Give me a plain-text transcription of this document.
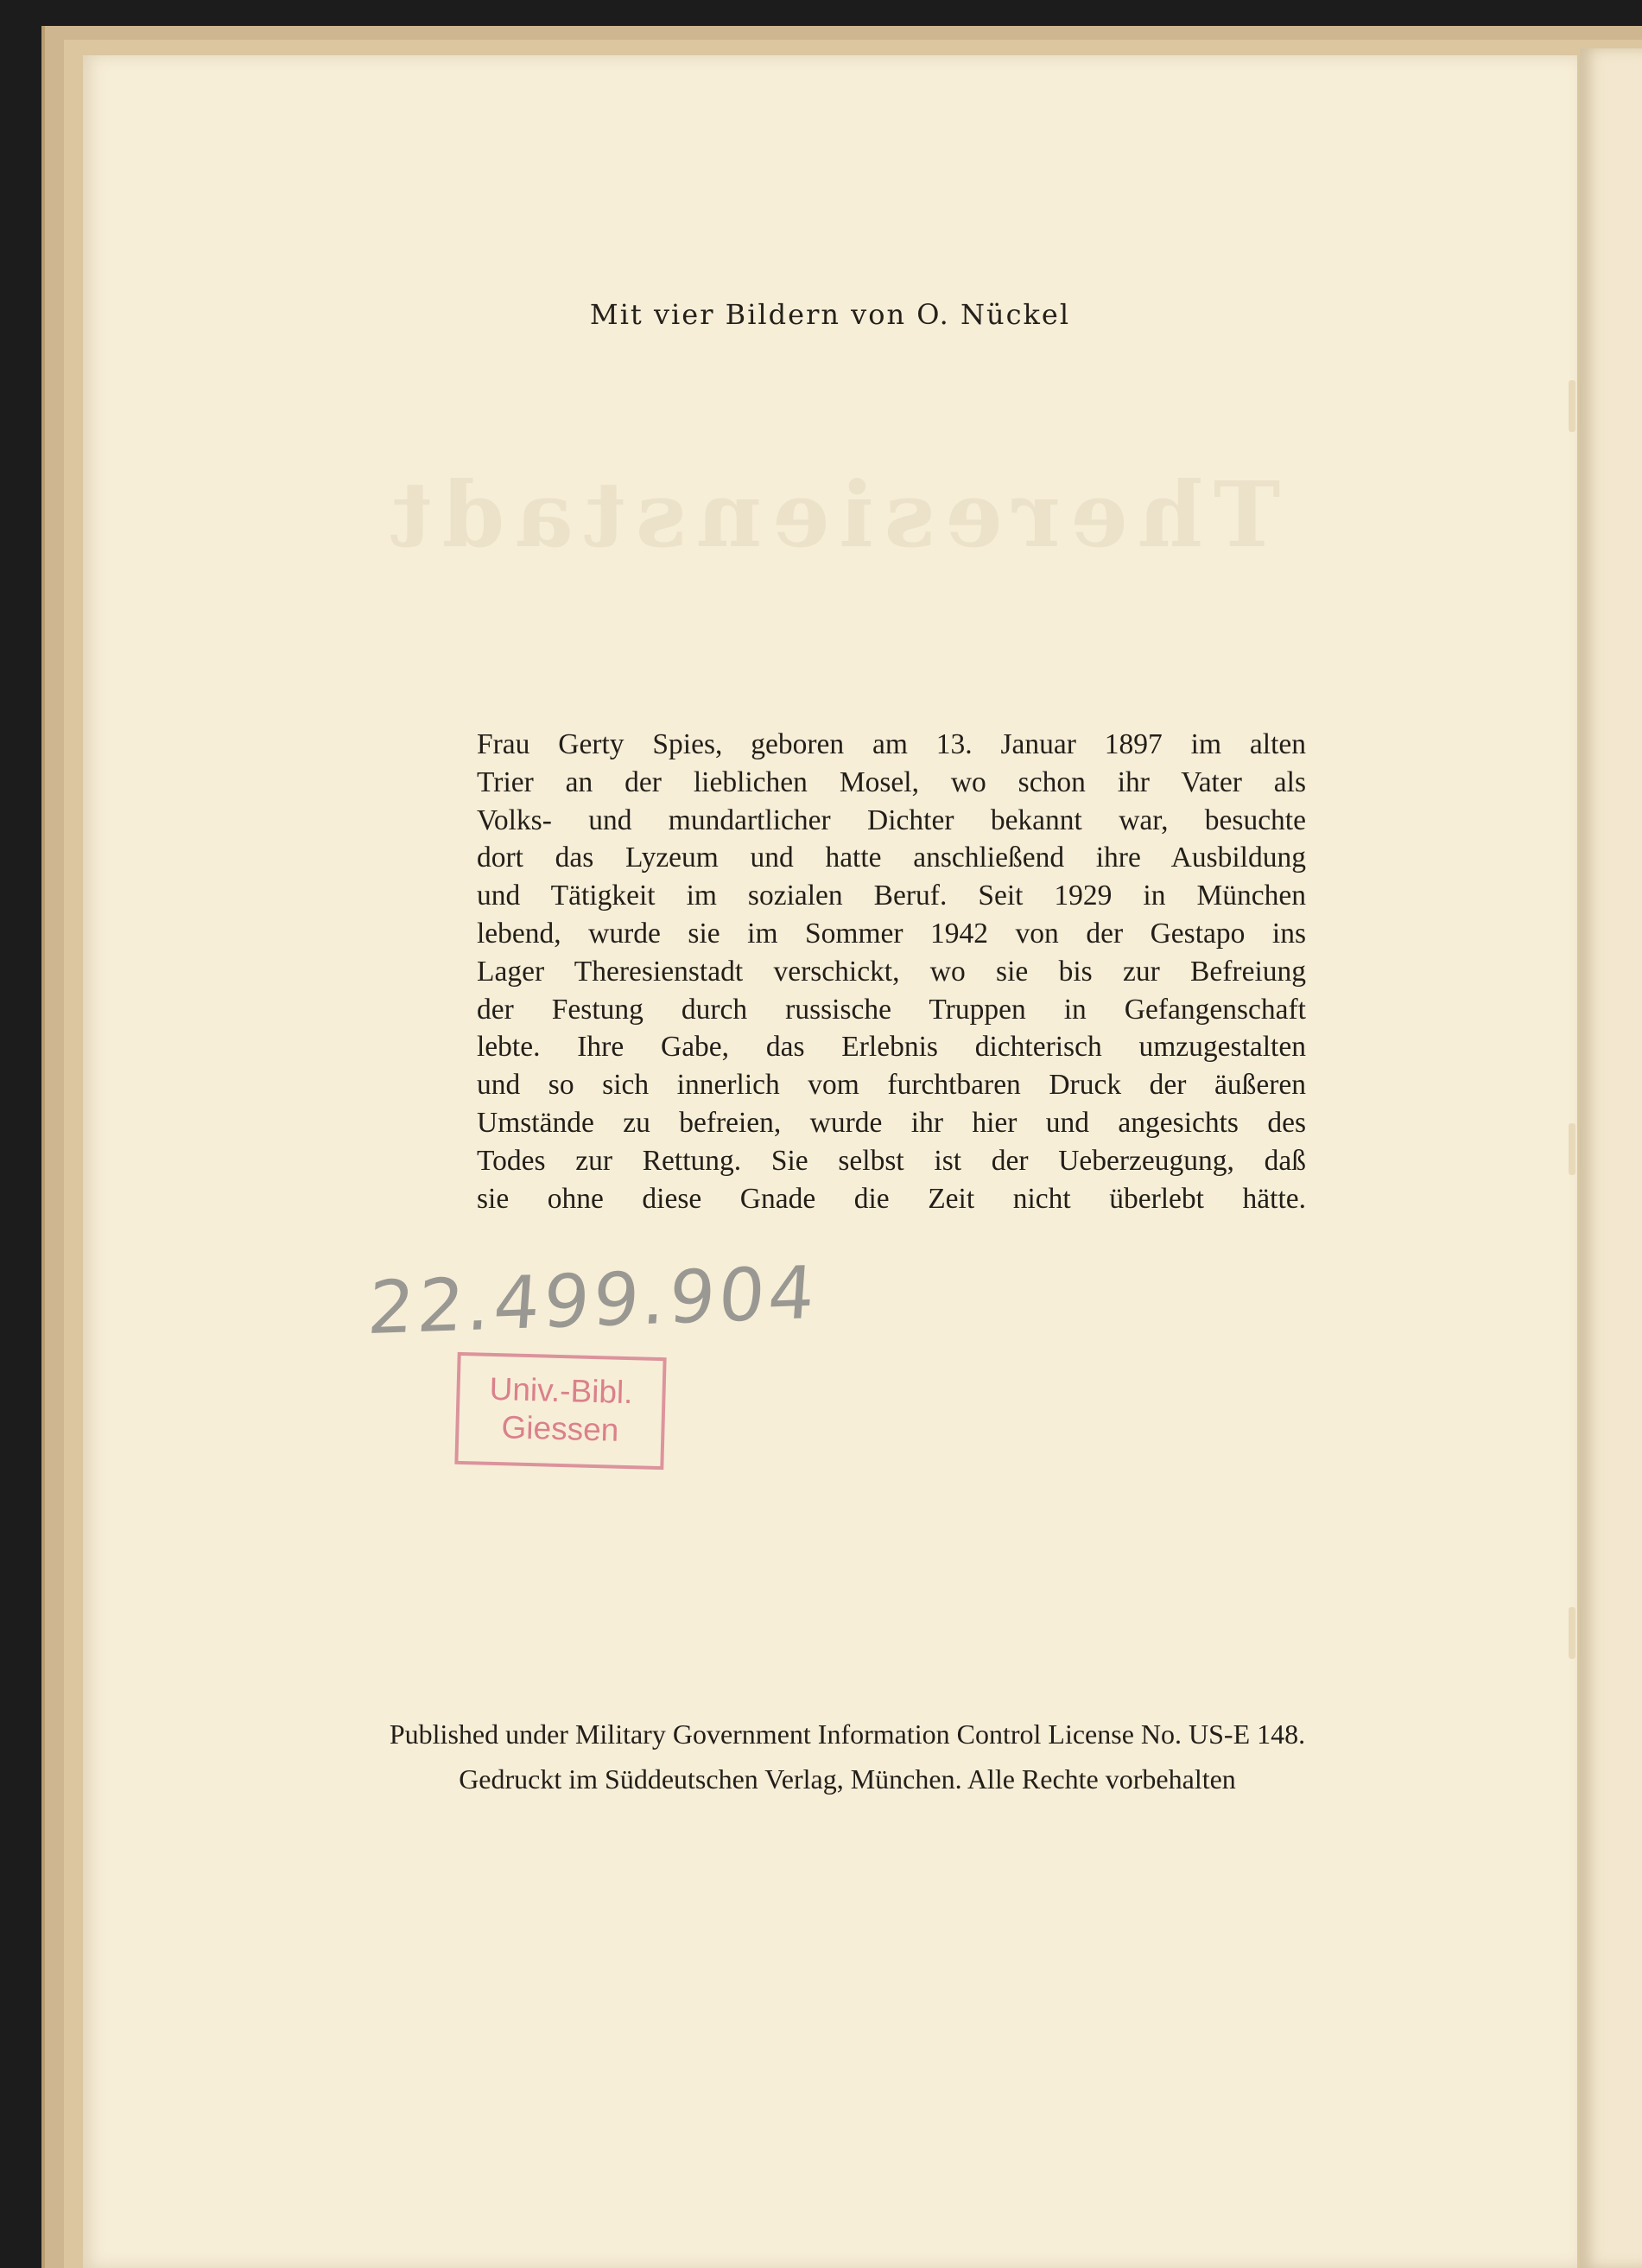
Mit vier Bildern von O. Nückel

Theresienstadt
Frau Gerty Spies, geboren am 13. Januar 1897 im alten
Trier an der lieblichen Mosel, wo schon ihr Vater als
Volks- und mundartlicher Dichter bekannt war, besuchte
dort das Lyzeum und hatte anschließend ihre Ausbildung
und Tätigkeit im sozialen Beruf. Seit 1929 in München
lebend, wurde sie im Sommer 1942 von der Gestapo ins
Lager Theresienstadt verschickt, wo sie bis zur Befreiung
der Festung durch russische Truppen in Gefangenschaft
lebte. Ihre Gabe, das Erlebnis dichterisch umzugestalten
und so sich innerlich vom furchtbaren Druck der äußeren
Umstände zu befreien, wurde ihr hier und angesichts des
Todes zur Rettung. Sie selbst ist der Ueberzeugung, daß
sie ohne diese Gnade die Zeit nicht überlebt hätte.
22.499.904
Univ.-Bibl.
Giessen

Published under Military Government Information Control License No. US-E 148.

Gedruckt im Süddeutschen Verlag, München. Alle Rechte vorbehalten
